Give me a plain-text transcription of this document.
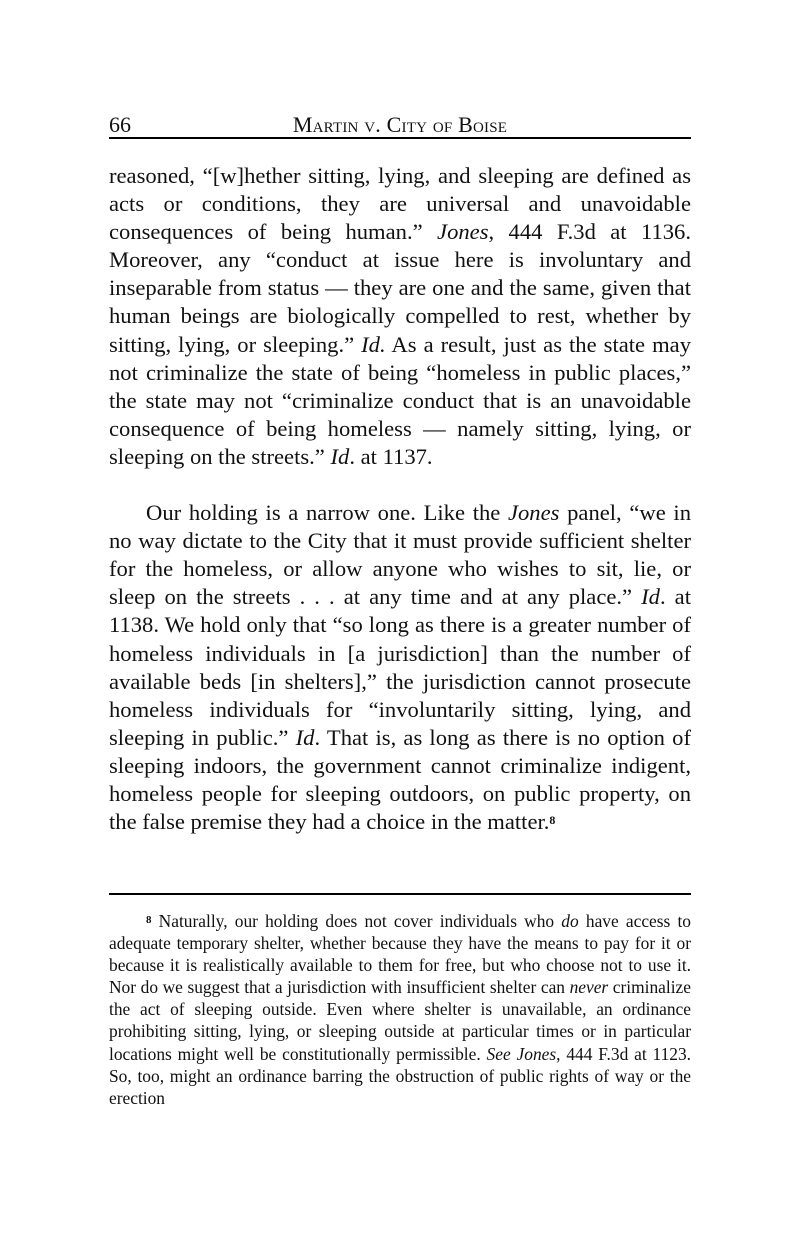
66	Martin v. City of Boise

reasoned, “[w]hether sitting, lying, and sleeping are defined as acts or conditions, they are universal and unavoidable consequences of being human.” Jones, 444 F.3d at 1136. Moreover, any “conduct at issue here is involuntary and inseparable from status — they are one and the same, given that human beings are biologically compelled to rest, whether by sitting, lying, or sleeping.” Id. As a result, just as the state may not criminalize the state of being “homeless in public places,” the state may not “criminalize conduct that is an unavoidable consequence of being homeless — namely sitting, lying, or sleeping on the streets.” Id. at 1137.

Our holding is a narrow one. Like the Jones panel, “we in no way dictate to the City that it must provide sufficient shelter for the homeless, or allow anyone who wishes to sit, lie, or sleep on the streets . . . at any time and at any place.” Id. at 1138. We hold only that “so long as there is a greater number of homeless individuals in [a jurisdiction] than the number of available beds [in shelters],” the jurisdiction cannot prosecute homeless individuals for “involuntarily sitting, lying, and sleeping in public.” Id. That is, as long as there is no option of sleeping indoors, the government cannot criminalize indigent, homeless people for sleeping outdoors, on public property, on the false premise they had a choice in the matter.$^8$

$^8$ Naturally, our holding does not cover individuals who do have access to adequate temporary shelter, whether because they have the means to pay for it or because it is realistically available to them for free, but who choose not to use it. Nor do we suggest that a jurisdiction with insufficient shelter can never criminalize the act of sleeping outside. Even where shelter is unavailable, an ordinance prohibiting sitting, lying, or sleeping outside at particular times or in particular locations might well be constitutionally permissible. See Jones, 444 F.3d at 1123. So, too, might an ordinance barring the obstruction of public rights of way or the erection
